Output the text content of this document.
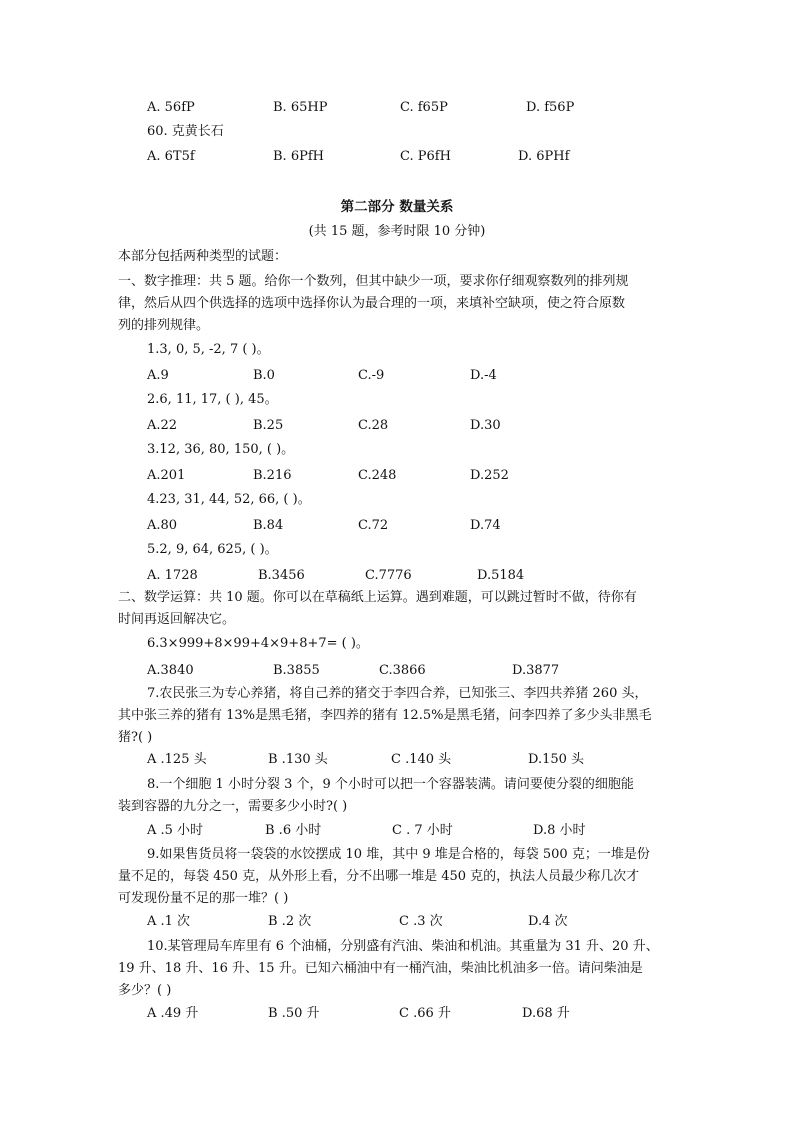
A. 56fP	B. 65HP	C. f65P	D. f56P
60. 克黄长石
A. 6T5f	B. 6PfH	C. P6fH	D. 6PHf
第二部分 数量关系
(共 15 题，参考时限 10 分钟)
本部分包括两种类型的试题：
一、数字推理：共 5 题。给你一个数列，但其中缺少一项，要求你仔细观察数列的排列规
律，然后从四个供选择的选项中选择你认为最合理的一项，来填补空缺项，使之符合原数
列的排列规律。
1.3, 0, 5, -2, 7 ( )。
A.9	B.0	C.-9	D.-4
2.6, 11, 17, ( ), 45。
A.22	B.25	C.28	D.30
3.12, 36, 80, 150, ( )。
A.201	B.216	C.248	D.252
4.23, 31, 44, 52, 66, ( )。
A.80	B.84	C.72	D.74
5.2, 9, 64, 625, ( )。
A. 1728	B.3456	C.7776	D.5184
二、数学运算：共 10 题。你可以在草稿纸上运算。遇到难题，可以跳过暂时不做，待你有
时间再返回解决它。
6.3×999+8×99+4×9+8+7= ( )。
A.3840	B.3855	C.3866	D.3877
7.农民张三为专心养猪，将自己养的猪交于李四合养，已知张三、李四共养猪 260 头，
其中张三养的猪有 13%是黑毛猪，李四养的猪有 12.5%是黑毛猪，问李四养了多少头非黑毛
猪?( )
A .125 头	B .130 头	C .140 头	D.150 头
8.一个细胞 1 小时分裂 3 个，9 个小时可以把一个容器装满。请问要使分裂的细胞能
装到容器的九分之一，需要多少小时?( )
A .5 小时	B .6 小时	C . 7 小时	D.8 小时
9.如果售货员将一袋袋的水饺摆成 10 堆，其中 9 堆是合格的，每袋 500 克；一堆是份
量不足的，每袋 450 克，从外形上看，分不出哪一堆是 450 克的，执法人员最少称几次才
可发现份量不足的那一堆？( )
A .1 次	B .2 次	C .3 次	D.4 次
10.某管理局车库里有 6 个油桶，分别盛有汽油、柴油和机油。其重量为 31 升、20 升、
19 升、18 升、16 升、15 升。已知六桶油中有一桶汽油，柴油比机油多一倍。请问柴油是
多少？( )
A .49 升	B .50 升	C .66 升	D.68 升
